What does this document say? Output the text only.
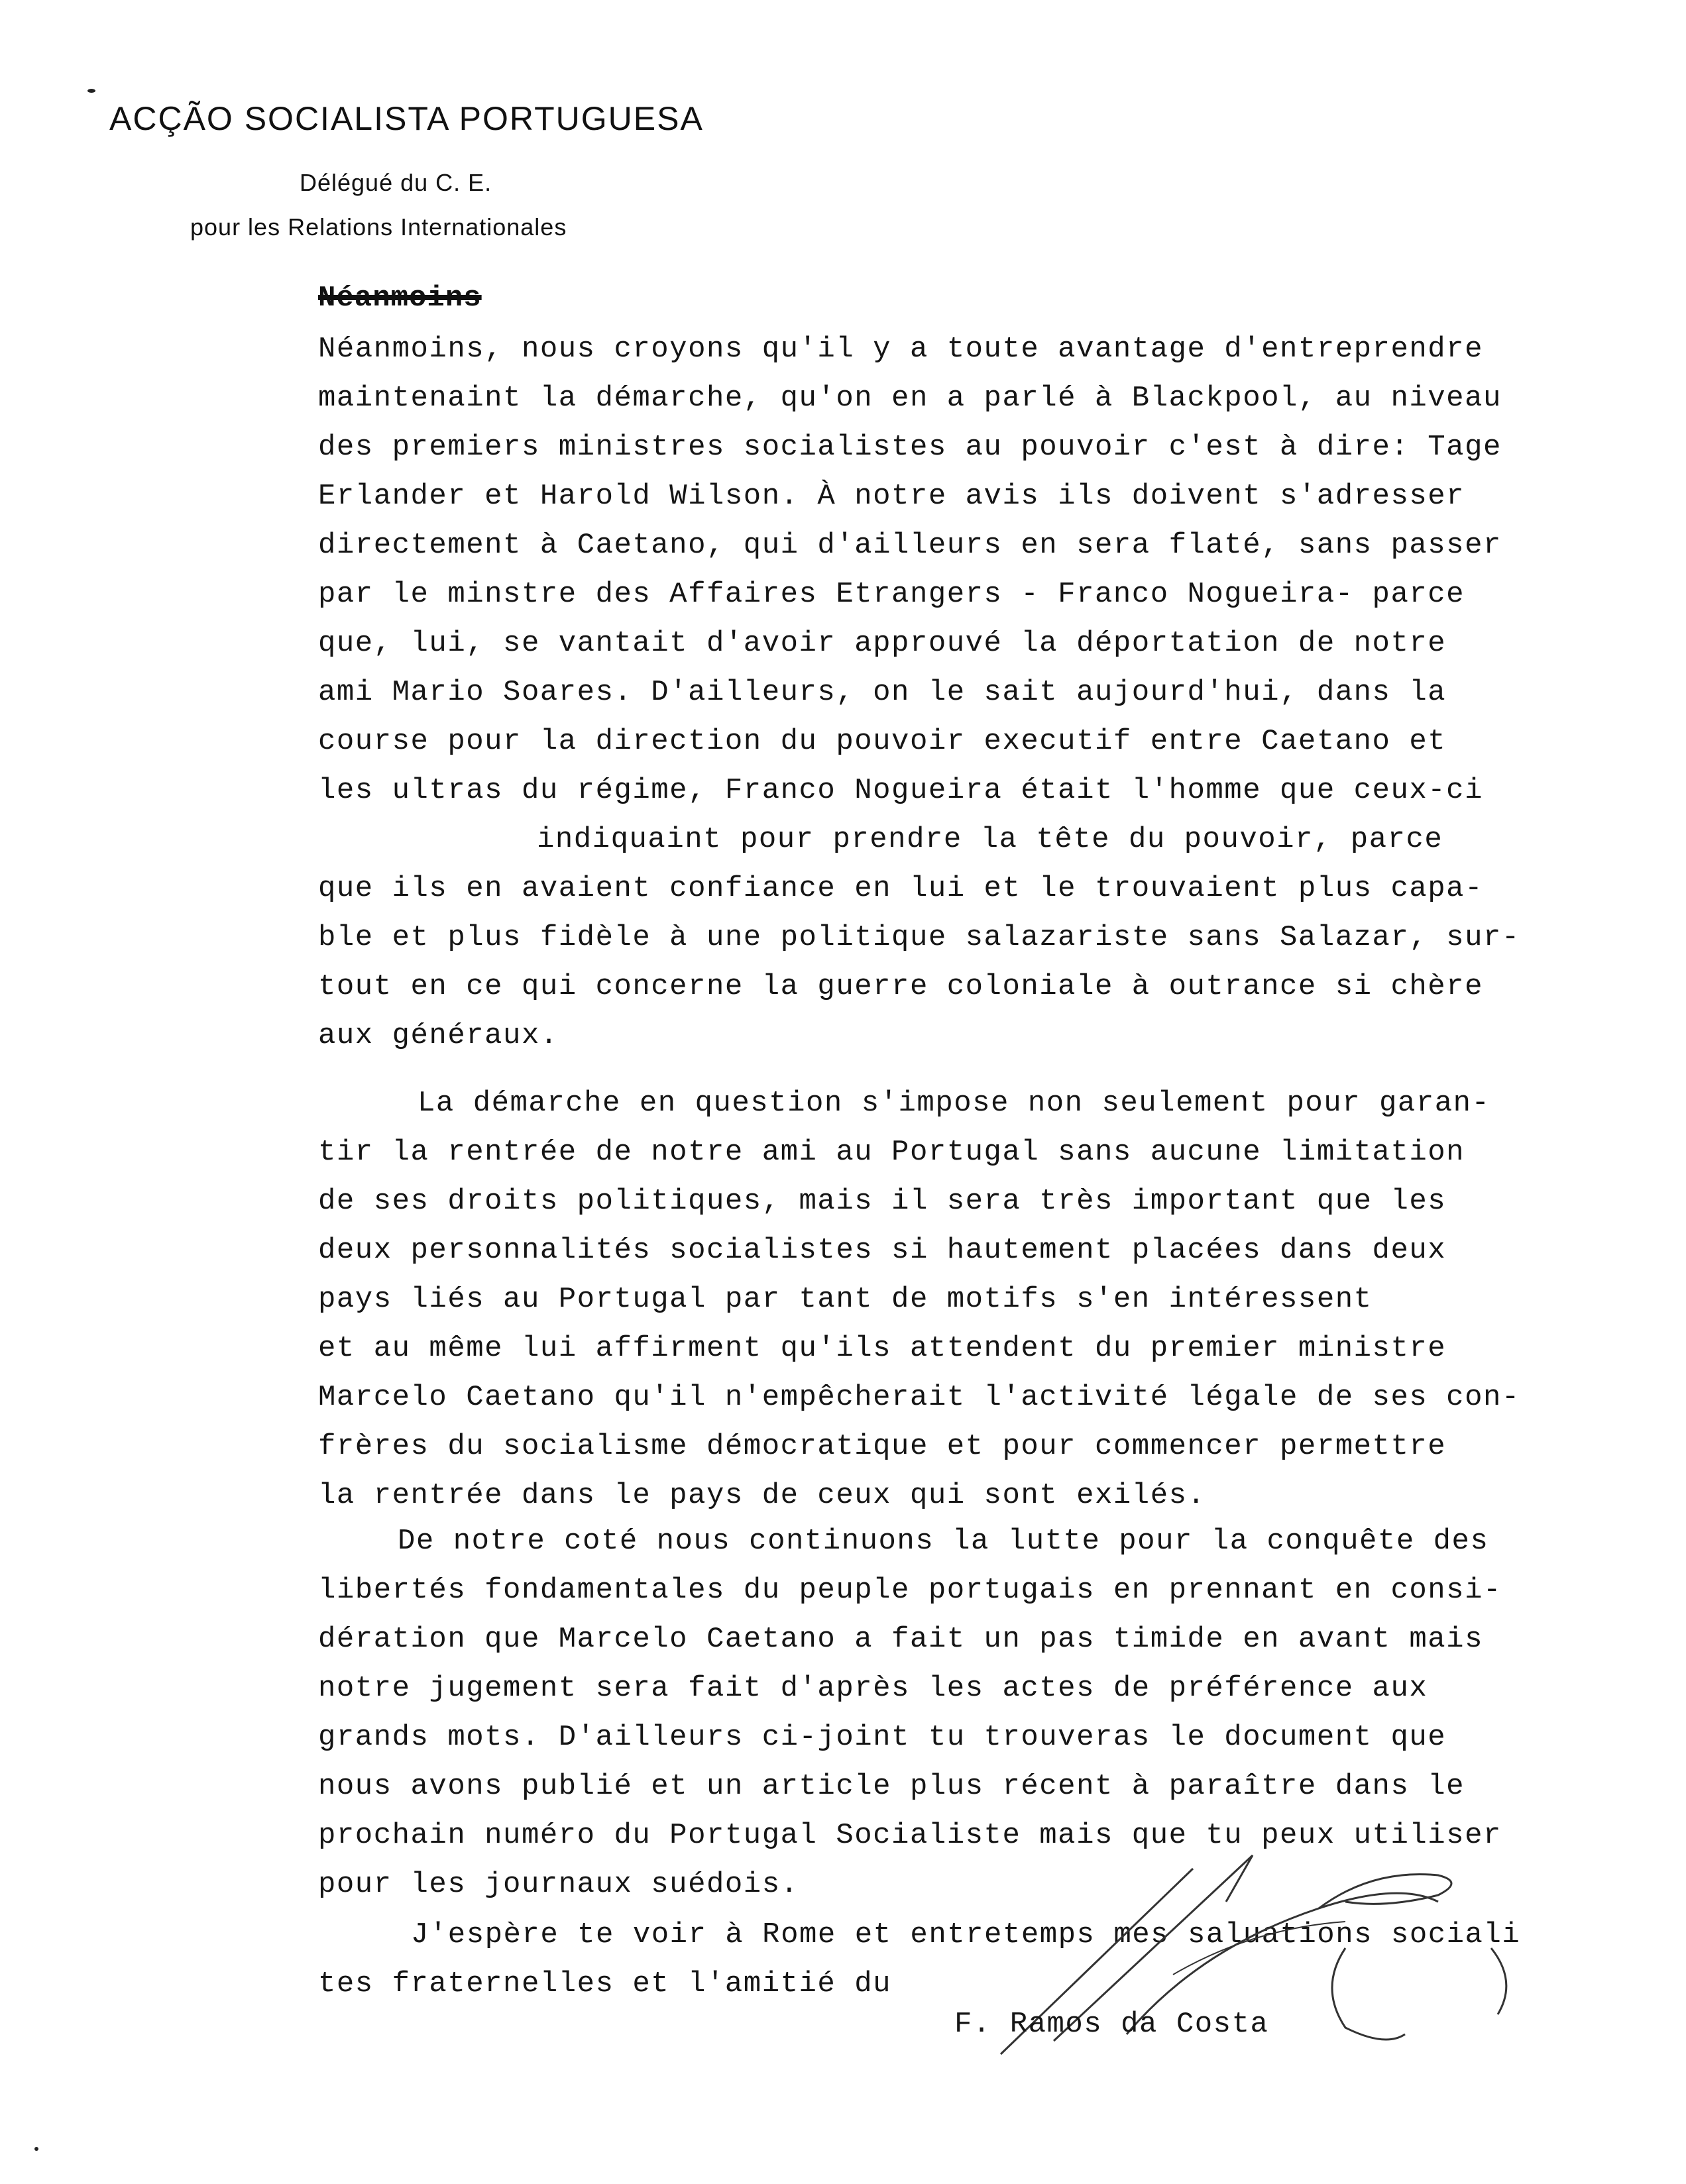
ACÇÃO SOCIALISTA PORTUGUESA
Délégué du C. E.
pour les Relations Internationales
Néanmoins
Néanmoins, nous croyons qu'il y a toute avantage d'entreprendre
maintenaint la démarche, qu'on en a parlé à Blackpool, au niveau
des premiers ministres socialistes au pouvoir c'est à dire: Tage
Erlander et Harold Wilson. À notre avis ils doivent s'adresser
directement à Caetano, qui d'ailleurs en sera flaté, sans passer
par le minstre des Affaires Etrangers - Franco Nogueira- parce
que, lui, se vantait d'avoir approuvé la déportation de notre
ami Mario Soares. D'ailleurs, on le sait aujourd'hui, dans la
course pour la direction du pouvoir executif entre Caetano et
les ultras du régime, Franco Nogueira était l'homme que ceux-ci
indiquaint pour prendre la tête du pouvoir, parce
que ils en avaient confiance en lui et le trouvaient plus capa-
ble et plus fidèle à une politique salazariste sans Salazar, sur-
tout en ce qui concerne la guerre coloniale à outrance si chère
aux généraux.
La démarche en question s'impose non seulement pour garan-
tir la rentrée de notre ami au Portugal sans aucune limitation
de ses droits politiques, mais il sera très important que les
deux personnalités socialistes si hautement placées dans deux
pays liés au Portugal par tant de motifs s'en intéressent
et au même lui affirment qu'ils attendent du premier ministre
Marcelo Caetano qu'il n'empêcherait l'activité légale de ses con-
frères du socialisme démocratique et pour commencer permettre
la rentrée dans le pays de ceux qui sont exilés.
De notre coté nous continuons la lutte pour la conquête des
libertés fondamentales du peuple portugais en prennant en consi-
dération que Marcelo Caetano a fait un pas timide en avant mais
notre jugement sera fait d'après les actes de préférence aux
grands mots. D'ailleurs ci-joint tu trouveras le document que
nous avons publié et un article plus récent à paraître dans le
prochain numéro du Portugal Socialiste mais que tu peux utiliser
pour les journaux suédois.
J'espère te voir à Rome et entretemps mes saluations sociali
tes fraternelles et l'amitié du
F. Ramos da Costa
